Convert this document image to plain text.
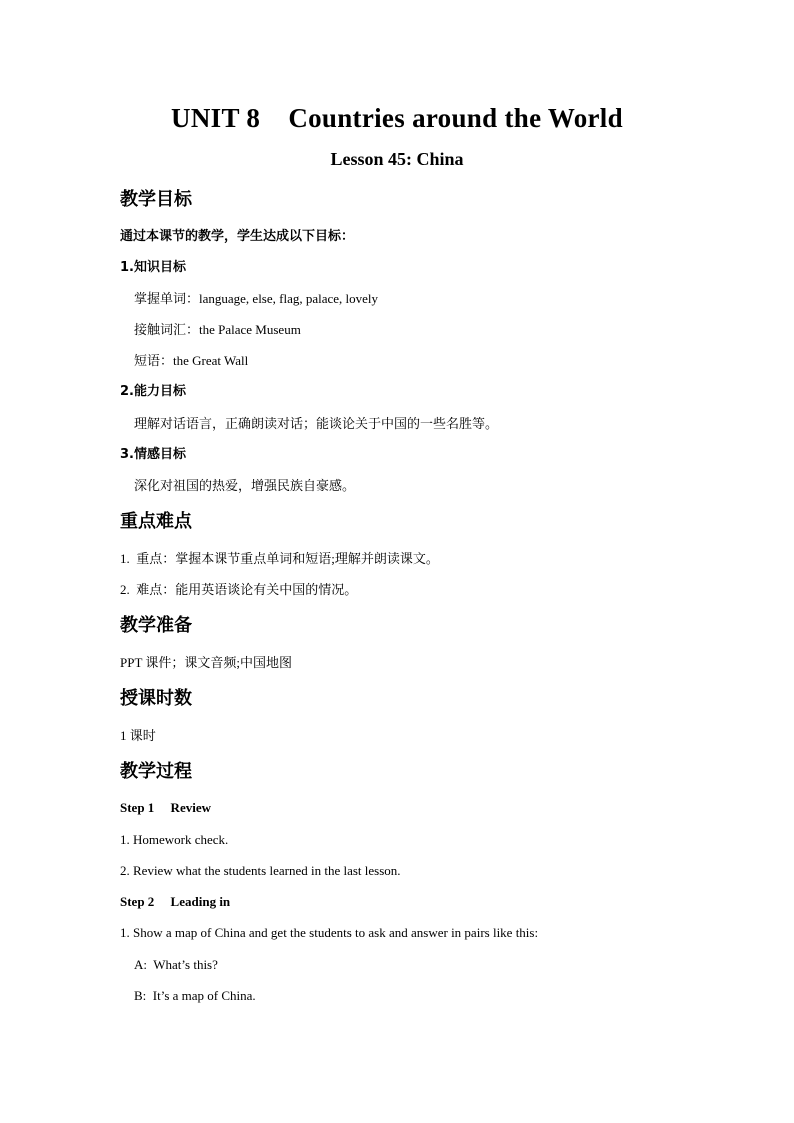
UNIT 8    Countries around the World
Lesson 45: China
教学目标
通过本课节的教学，学生达成以下目标：
1.知识目标
掌握单词：language, else, flag, palace, lovely
接触词汇：the Palace Museum
短语：the Great Wall
2.能力目标
理解对话语言，正确朗读对话；能谈论关于中国的一些名胜等。
3.情感目标
深化对祖国的热爱，增强民族自豪感。
重点难点
1.  重点：掌握本课节重点单词和短语;理解并朗读课文。
2.  难点：能用英语谈论有关中国的情况。
教学准备
PPT 课件；课文音频;中国地图
授课时数
1 课时
教学过程
Step 1     Review
1. Homework check.
2. Review what the students learned in the last lesson.
Step 2     Leading in
1. Show a map of China and get the students to ask and answer in pairs like this:
A:  What’s this?
B:  It’s a map of China.
